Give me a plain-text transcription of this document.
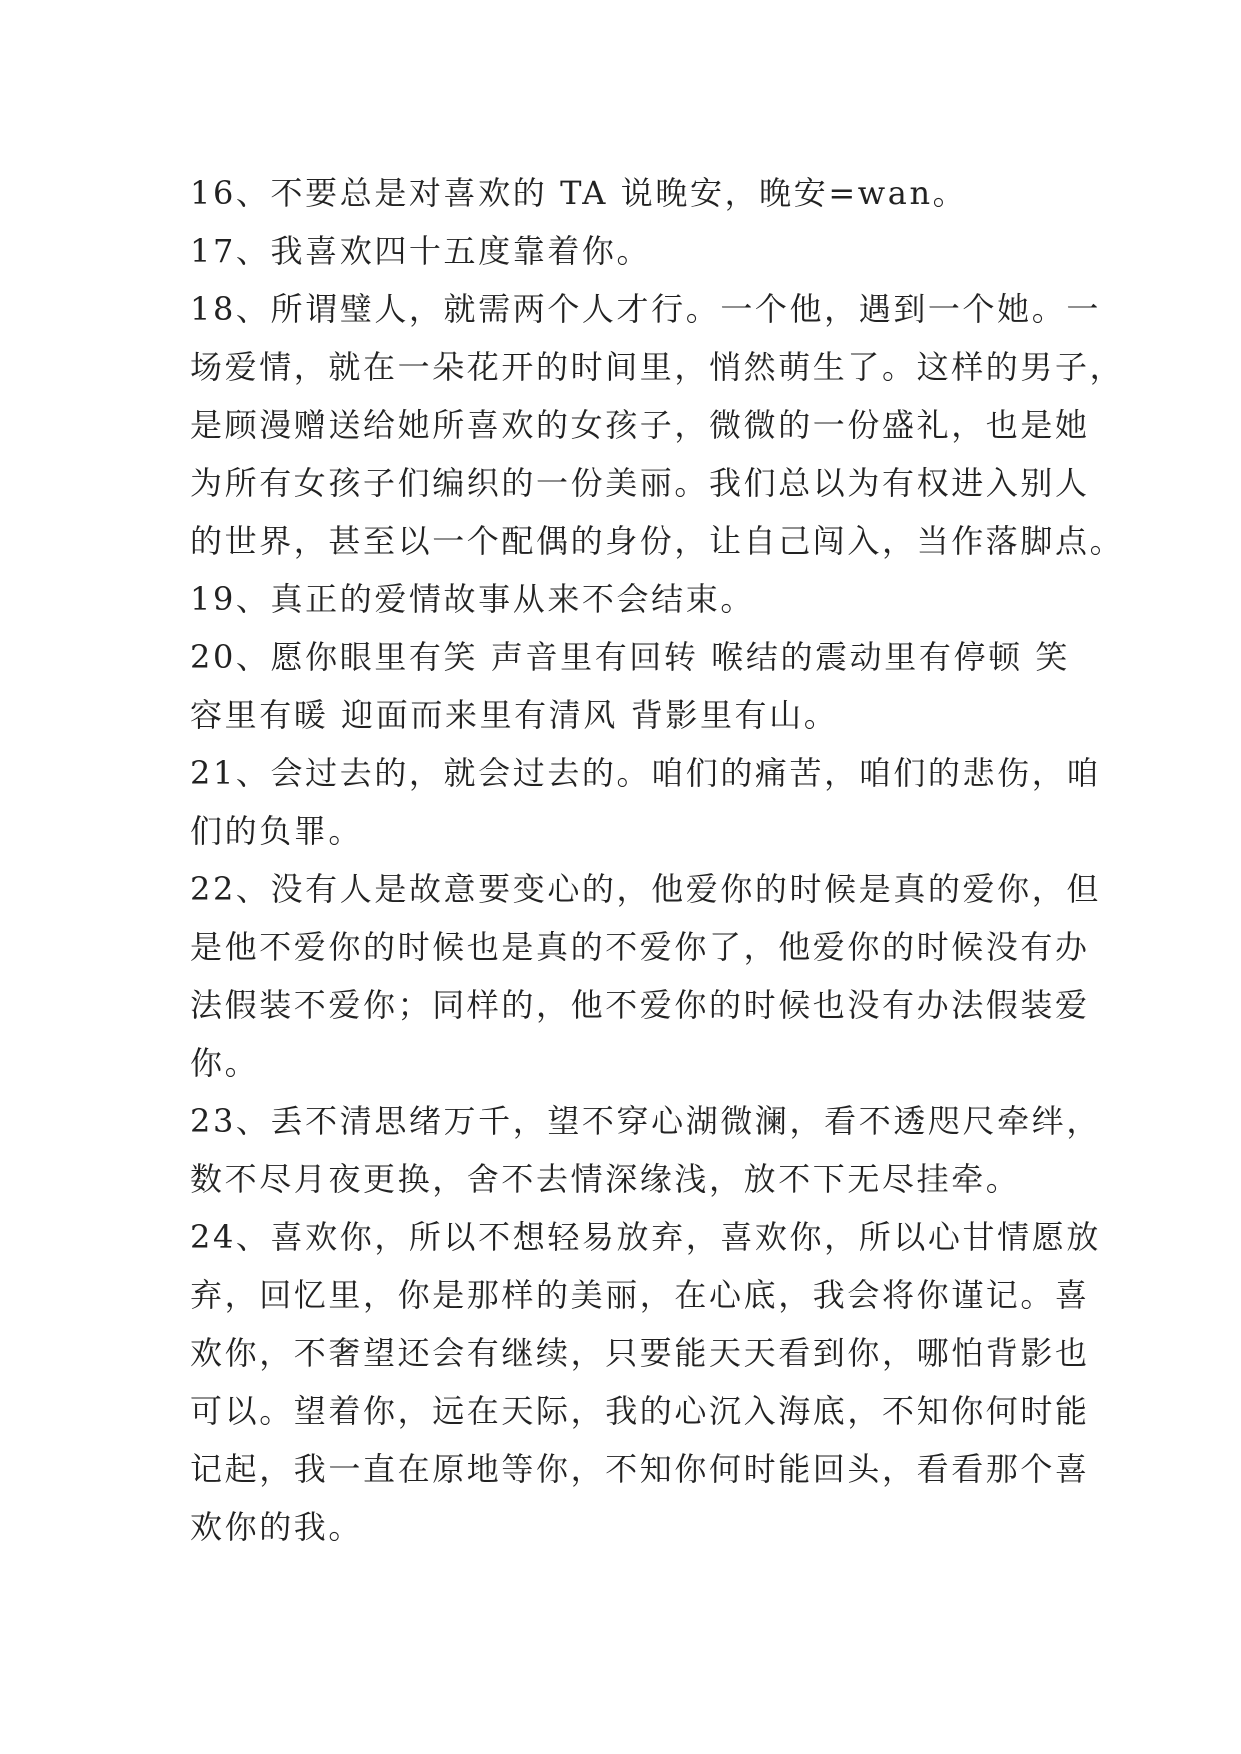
16、不要总是对喜欢的 TA 说晚安，晚安=wan。
17、我喜欢四十五度靠着你。
18、所谓璧人，就需两个人才行。一个他，遇到一个她。一
场爱情，就在一朵花开的时间里，悄然萌生了。这样的男子，
是顾漫赠送给她所喜欢的女孩子，微微的一份盛礼，也是她
为所有女孩子们编织的一份美丽。我们总以为有权进入别人
的世界，甚至以一个配偶的身份，让自己闯入，当作落脚点。
19、真正的爱情故事从来不会结束。
20、愿你眼里有笑 声音里有回转 喉结的震动里有停顿 笑
容里有暖 迎面而来里有清风 背影里有山。
21、会过去的，就会过去的。咱们的痛苦，咱们的悲伤，咱
们的负罪。
22、没有人是故意要变心的，他爱你的时候是真的爱你，但
是他不爱你的时候也是真的不爱你了，他爱你的时候没有办
法假装不爱你；同样的，他不爱你的时候也没有办法假装爱
你。
23、丢不清思绪万千，望不穿心湖微澜，看不透咫尺牵绊，
数不尽月夜更换，舍不去情深缘浅，放不下无尽挂牵。
24、喜欢你，所以不想轻易放弃，喜欢你，所以心甘情愿放
弃，回忆里，你是那样的美丽，在心底，我会将你谨记。喜
欢你，不奢望还会有继续，只要能天天看到你，哪怕背影也
可以。望着你，远在天际，我的心沉入海底，不知你何时能
记起，我一直在原地等你，不知你何时能回头，看看那个喜
欢你的我。
